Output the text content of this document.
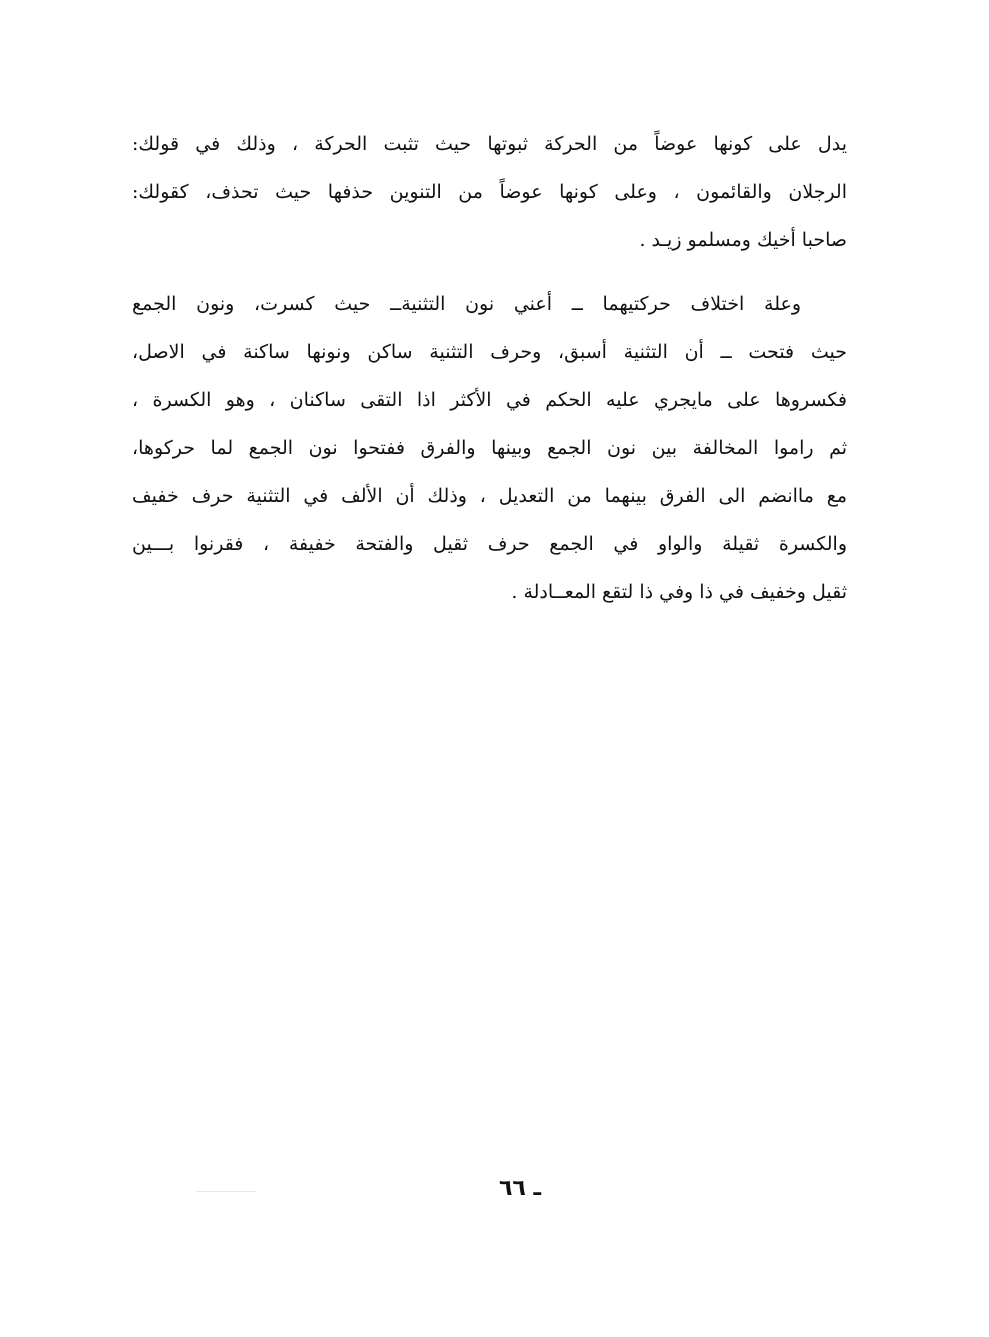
يدل على كونها عوضاً من الحركة ثبوتها حيث تثبت الحركة ، وذلك في قولك:
الرجلان والقائمون ، وعلى كونها عوضاً من التنوين حذفها حيث تحذف، كقولك:
صاحبا أخيك ومسلمو زيـد .

وعلة اختلاف حركتيهما ــ أعني نون التثنيةــ حيث كسرت، ونون الجمع
حيث فتحت ــ أن التثنية أسبق، وحرف التثنية ساكن ونونها ساكنة في الاصل،
فكسروها على مايجري عليه الحكم في الأكثر اذا التقى ساكنان ، وهو الكسرة ،
ثم راموا المخالفة بين نون الجمع وبينها والفرق ففتحوا نون الجمع لما حركوها،
مع ماانضم الى الفرق بينهما من التعديل ، وذلك أن الألف في التثنية حرف خفيف
والكسرة ثقيلة والواو في الجمع حرف ثقيل والفتحة خفيفة ، فقرنوا بـــين
ثقيل وخفيف في ذا وفي ذا لتقع المعــادلة .

ـ ٦٦
